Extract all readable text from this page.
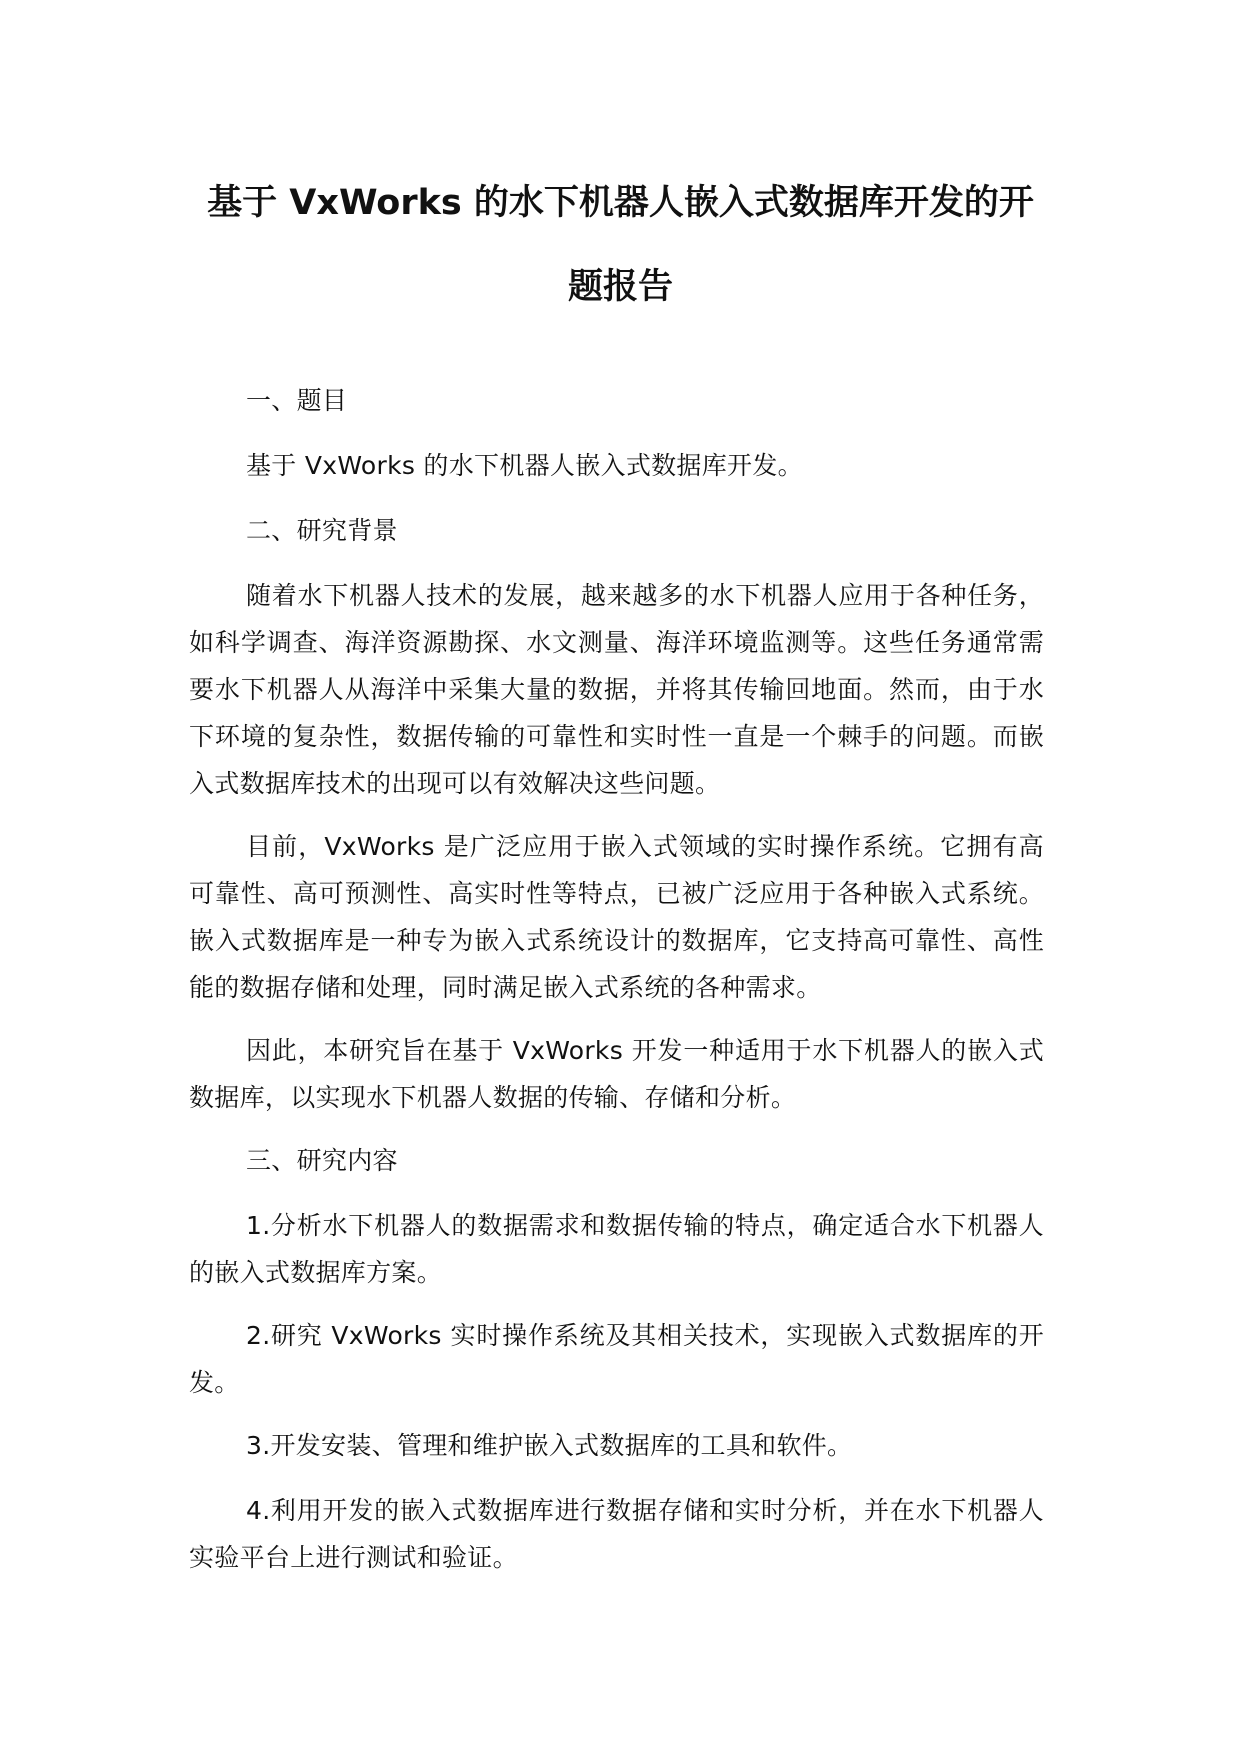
基于 VxWorks 的水下机器人嵌入式数据库开发的开
题报告

一、题目

基于 VxWorks 的水下机器人嵌入式数据库开发。

二、研究背景

随着水下机器人技术的发展，越来越多的水下机器人应用于各种任务，如科学调查、海洋资源勘探、水文测量、海洋环境监测等。这些任务通常需要水下机器人从海洋中采集大量的数据，并将其传输回地面。然而，由于水下环境的复杂性，数据传输的可靠性和实时性一直是一个棘手的问题。而嵌入式数据库技术的出现可以有效解决这些问题。

目前，VxWorks 是广泛应用于嵌入式领域的实时操作系统。它拥有高可靠性、高可预测性、高实时性等特点，已被广泛应用于各种嵌入式系统。嵌入式数据库是一种专为嵌入式系统设计的数据库，它支持高可靠性、高性能的数据存储和处理，同时满足嵌入式系统的各种需求。

因此，本研究旨在基于 VxWorks 开发一种适用于水下机器人的嵌入式数据库，以实现水下机器人数据的传输、存储和分析。

三、研究内容

1.分析水下机器人的数据需求和数据传输的特点，确定适合水下机器人的嵌入式数据库方案。

2.研究 VxWorks 实时操作系统及其相关技术，实现嵌入式数据库的开发。

3.开发安装、管理和维护嵌入式数据库的工具和软件。

4.利用开发的嵌入式数据库进行数据存储和实时分析，并在水下机器人实验平台上进行测试和验证。
